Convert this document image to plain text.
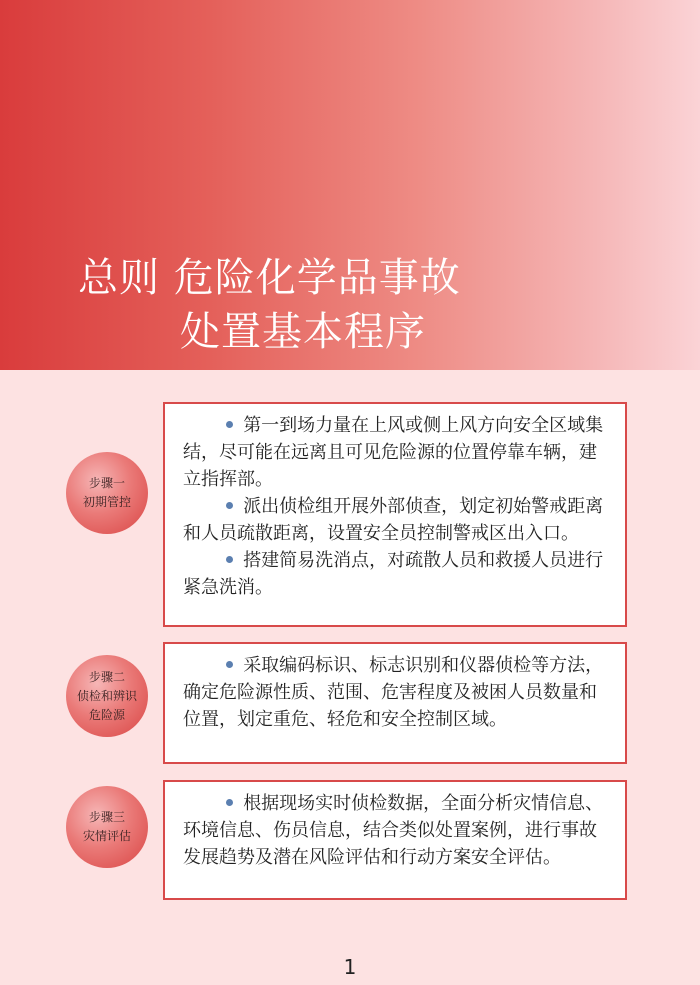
总则 危险化学品事故
处置基本程序
步骤一
初期管控

第一到场力量在上风或侧上风方向安全区域集结，尽可能在远离且可见危险源的位置停靠车辆，建立指挥部。

派出侦检组开展外部侦查，划定初始警戒距离和人员疏散距离，设置安全员控制警戒区出入口。

搭建简易洗消点，对疏散人员和救援人员进行紧急洗消。

步骤二
侦检和辨识
危险源

采取编码标识、标志识别和仪器侦检等方法，确定危险源性质、范围、危害程度及被困人员数量和位置，划定重危、轻危和安全控制区域。

步骤三
灾情评估

根据现场实时侦检数据，全面分析灾情信息、环境信息、伤员信息，结合类似处置案例，进行事故发展趋势及潜在风险评估和行动方案安全评估。

1
